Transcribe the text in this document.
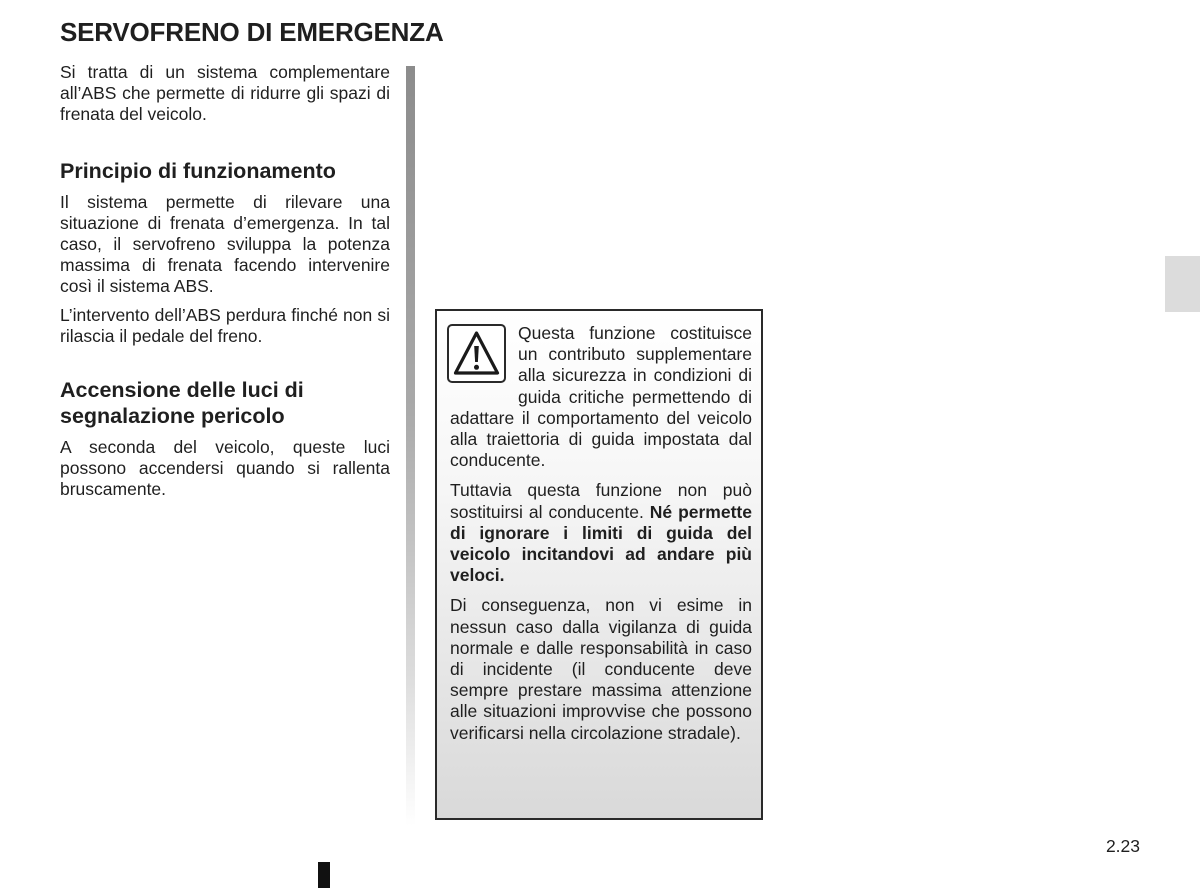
SERVOFRENO DI EMERGENZA

Si tratta di un sistema complementare all’ABS che permette di ridurre gli spazi di frenata del veicolo.

Principio di funzionamento

Il sistema permette di rilevare una situazione di frenata d’emergenza. In tal caso, il servofreno sviluppa la potenza massima di frenata facendo intervenire così il sistema ABS.

L’intervento dell’ABS perdura finché non si rilascia il pedale del freno.

Accensione delle luci di segnalazione pericolo

A seconda del veicolo, queste luci possono accendersi quando si rallenta bruscamente.

Questa funzione costituisce un contributo supplementare alla sicurezza in condizioni di guida critiche permettendo di adattare il comportamento del veicolo alla traiettoria di guida impostata dal conducente.

Tuttavia questa funzione non può sostituirsi al conducente. Né permette di ignorare i limiti di guida del veicolo incitandovi ad andare più veloci.

Di conseguenza, non vi esime in nessun caso dalla vigilanza di guida normale e dalle responsabilità in caso di incidente (il conducente deve sempre prestare massima attenzione alle situazioni improvvise che possono verificarsi nella circolazione stradale).

2.23
